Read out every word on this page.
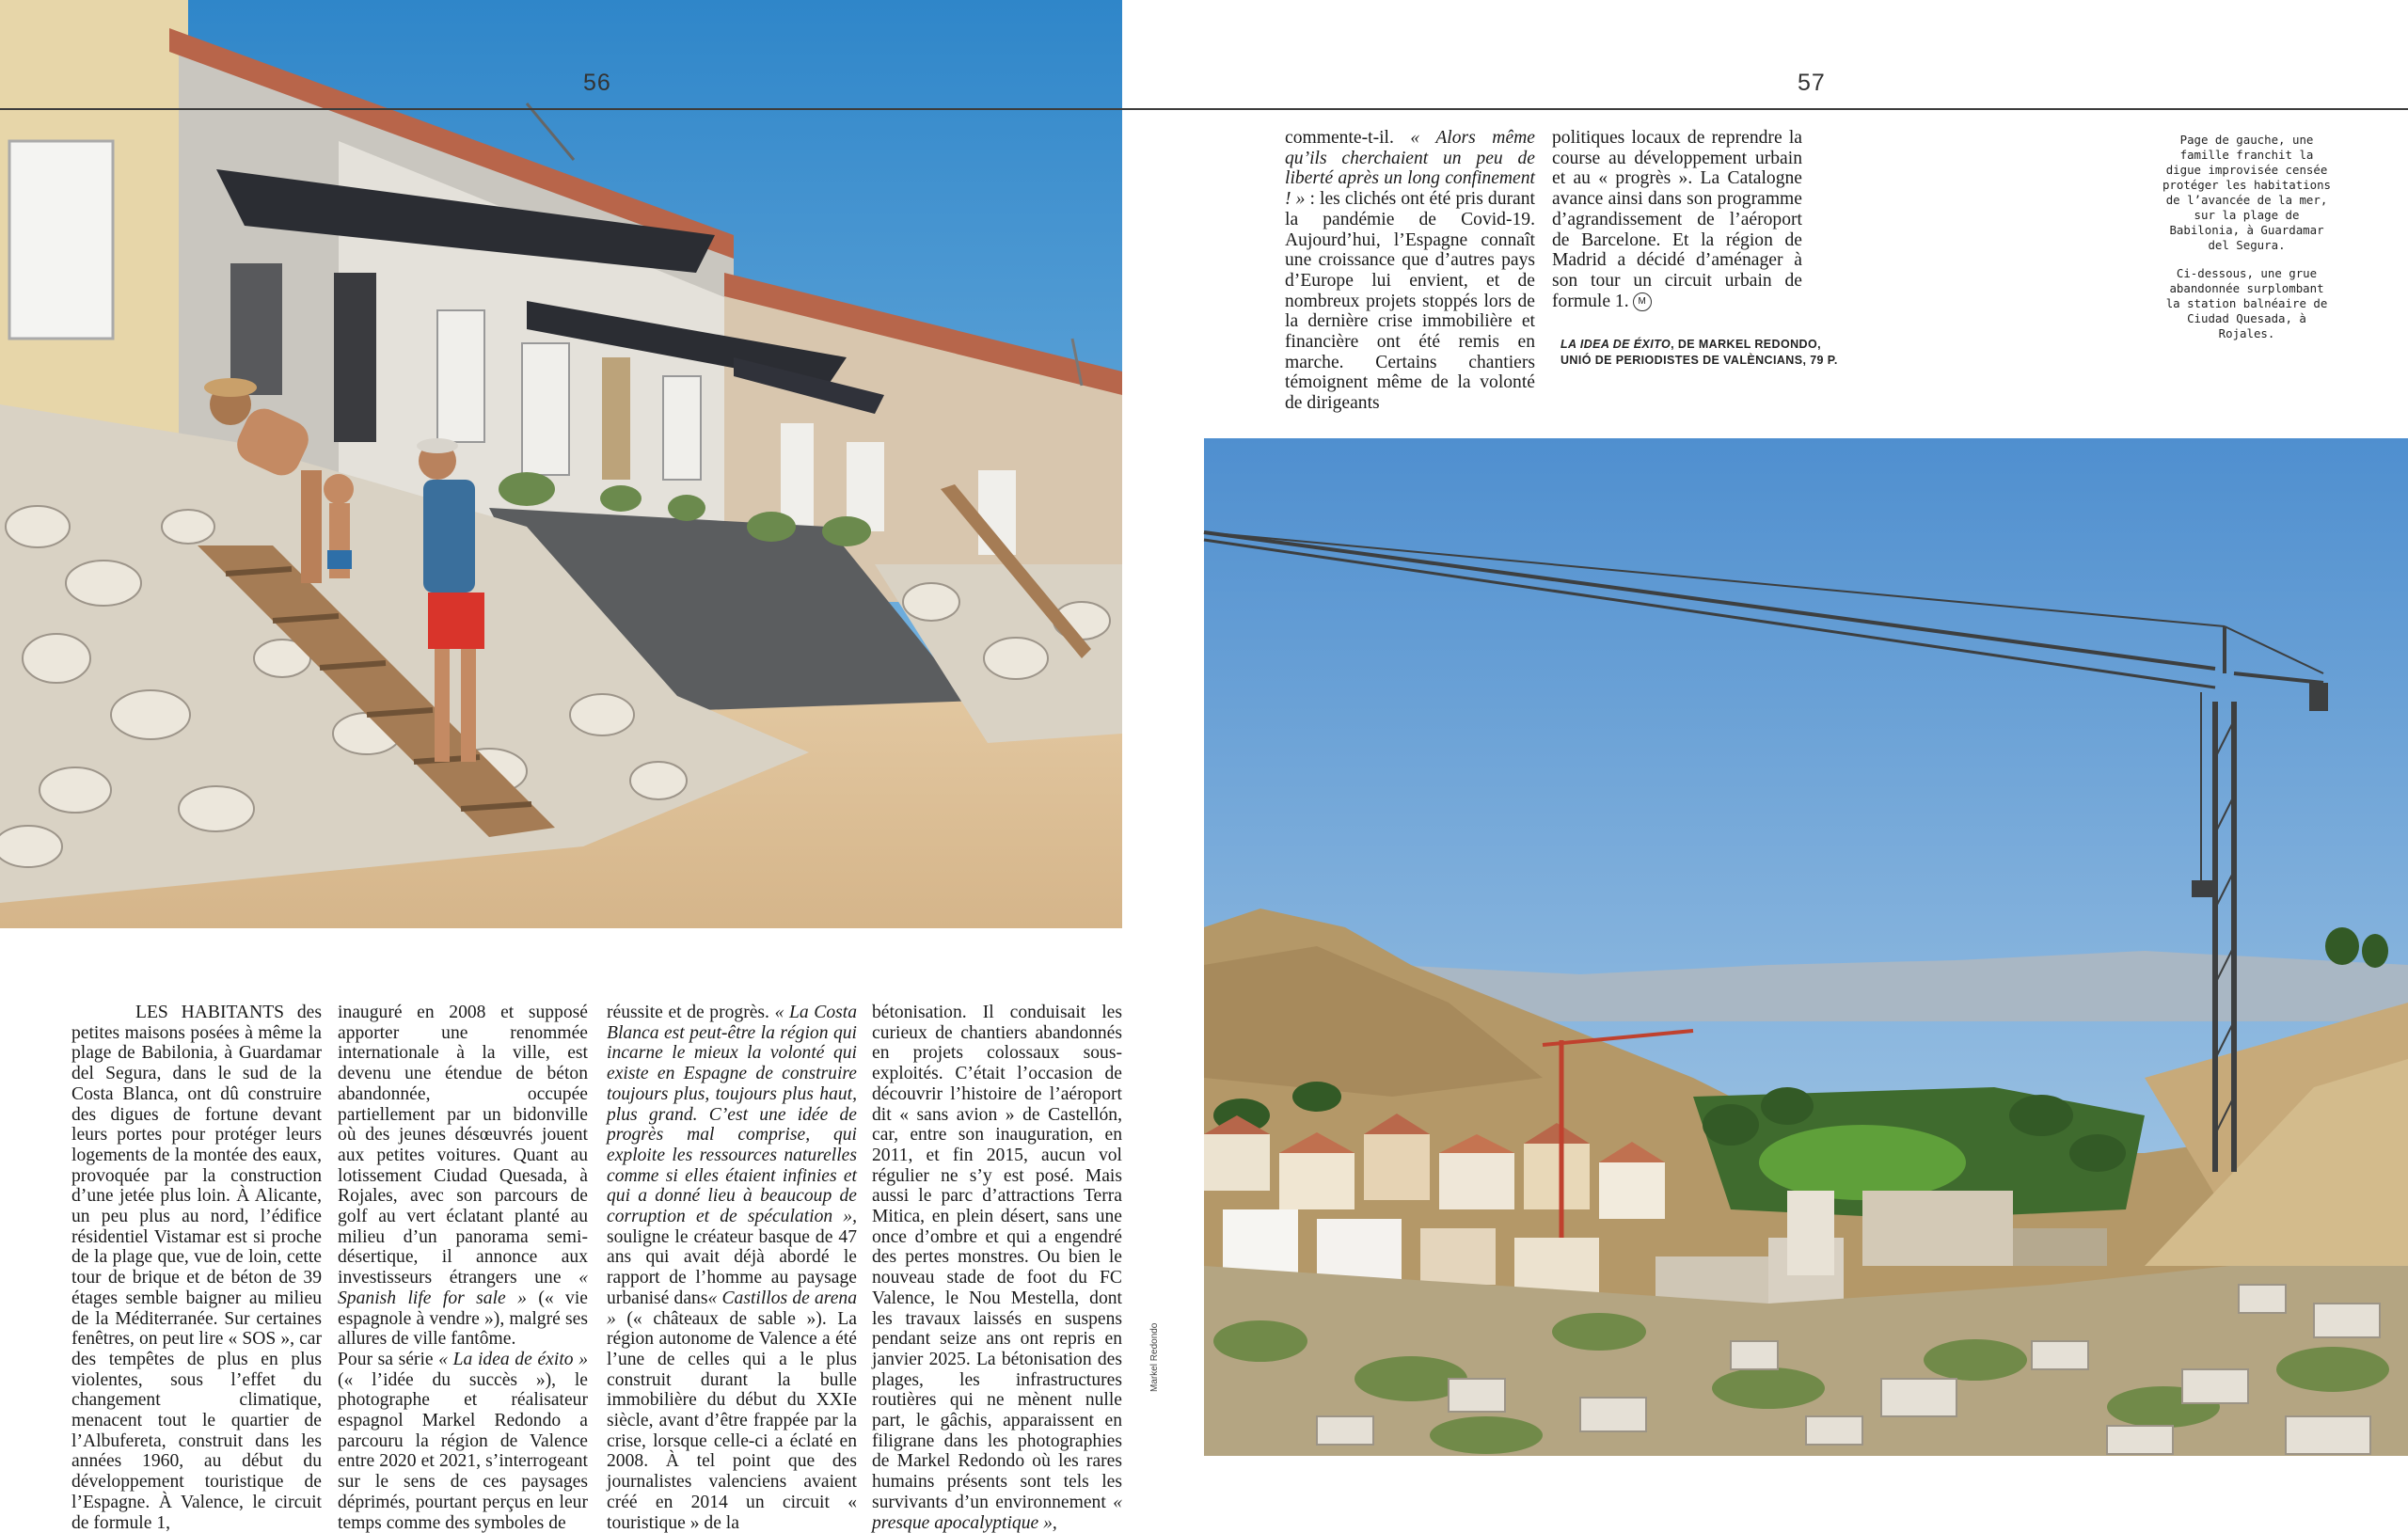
56

LES HABITANTS des petites maisons posées à même la plage de Babilonia, à Guardamar del Segura, dans le sud de la Costa Blanca, ont dû construire des digues de fortune devant leurs portes pour protéger leurs logements de la montée des eaux, provoquée par la construction d’une jetée plus loin. À Alicante, un peu plus au nord, l’édifice résidentiel Vistamar est si proche de la plage que, vue de loin, cette tour de brique et de béton de 39 étages semble baigner au milieu de la Méditerranée. Sur certaines fenêtres, on peut lire « SOS », car des tempêtes de plus en plus violentes, sous l’effet du changement climatique, menacent tout le quartier de l’Albufereta, construit dans les années 1960, au début du développement touristique de l’Espagne. À Valence, le circuit de formule 1,

inauguré en 2008 et supposé apporter une renommée internationale à la ville, est devenu une étendue de béton abandonnée, occupée partiellement par un bidonville où des jeunes désœuvrés jouent aux petites voitures. Quant au lotissement Ciudad Quesada, à Rojales, avec son parcours de golf au vert éclatant planté au milieu d’un panorama semi-désertique, il annonce aux investisseurs étrangers une « Spanish life for sale » (« vie espagnole à vendre »), malgré ses allures de ville fantôme.

Pour sa série « La idea de éxito » (« l’idée du succès »), le photographe et réalisateur espagnol Markel Redondo a parcouru la région de Valence entre 2020 et 2021, s’interrogeant sur le sens de ces paysages déprimés, pourtant perçus en leur temps comme des symboles de

réussite et de progrès. « La Costa Blanca est peut-être la région qui incarne le mieux la volonté qui existe en Espagne de construire toujours plus, toujours plus haut, plus grand. C’est une idée de progrès mal comprise, qui exploite les ressources naturelles comme si elles étaient infinies et qui a donné lieu à beaucoup de corruption et de spéculation », souligne le créateur basque de 47 ans qui avait déjà abordé le rapport de l’homme au paysage urbanisé dans« Castillos de arena » (« châteaux de sable »). La région autonome de Valence a été l’une de celles qui a le plus construit durant la bulle immobilière du début du XXIe siècle, avant d’être frappée par la crise, lorsque celle-ci a éclaté en 2008. À tel point que des journalistes valenciens avaient créé en 2014 un circuit « touristique » de la

bétonisation. Il conduisait les curieux de chantiers abandonnés en projets colossaux sous-exploités. C’était l’occasion de découvrir l’histoire de l’aéroport dit « sans avion » de Castellón, car, entre son inauguration, en 2011, et fin 2015, aucun vol régulier ne s’y est posé. Mais aussi le parc d’attractions Terra Mitica, en plein désert, sans une once d’ombre et qui a engendré des pertes monstres. Ou bien le nouveau stade de foot du FC Valence, le Nou Mestella, dont les travaux laissés en suspens pendant seize ans ont repris en janvier 2025. La bétonisation des plages, les infrastructures routières qui ne mènent nulle part, le gâchis, apparaissent en filigrane dans les photographies de Markel Redondo où les rares humains présents sont tels les survivants d’un environnement « presque apocalyptique »,

57

commente-t-il. « Alors même qu’ils cherchaient un peu de liberté après un long confinement ! » : les clichés ont été pris durant la pandémie de Covid-19. Aujourd’hui, l’Espagne connaît une croissance que d’autres pays d’Europe lui envient, et de nombreux projets stoppés lors de la dernière crise immobilière et financière ont été remis en marche. Certains chantiers témoignent même de la volonté de dirigeants

politiques locaux de reprendre la course au développement urbain et au « progrès ». La Catalogne avance ainsi dans son programme d’agrandissement de l’aéroport de Barcelone. Et la région de Madrid a décidé d’aménager à son tour un circuit urbain de formule 1. M

LA IDEA DE ÉXITO, DE MARKEL REDONDO,
UNIÓ DE PERIODISTES DE VALÈNCIANS, 79 P.

Page de gauche, une famille franchit la digue improvisée censée protéger les habitations de l’avancée de la mer, sur la plage de Babilonia, à Guardamar del Segura.

Ci-dessous, une grue abandonnée surplombant la station balnéaire de Ciudad Quesada, à Rojales.

Markel Redondo
